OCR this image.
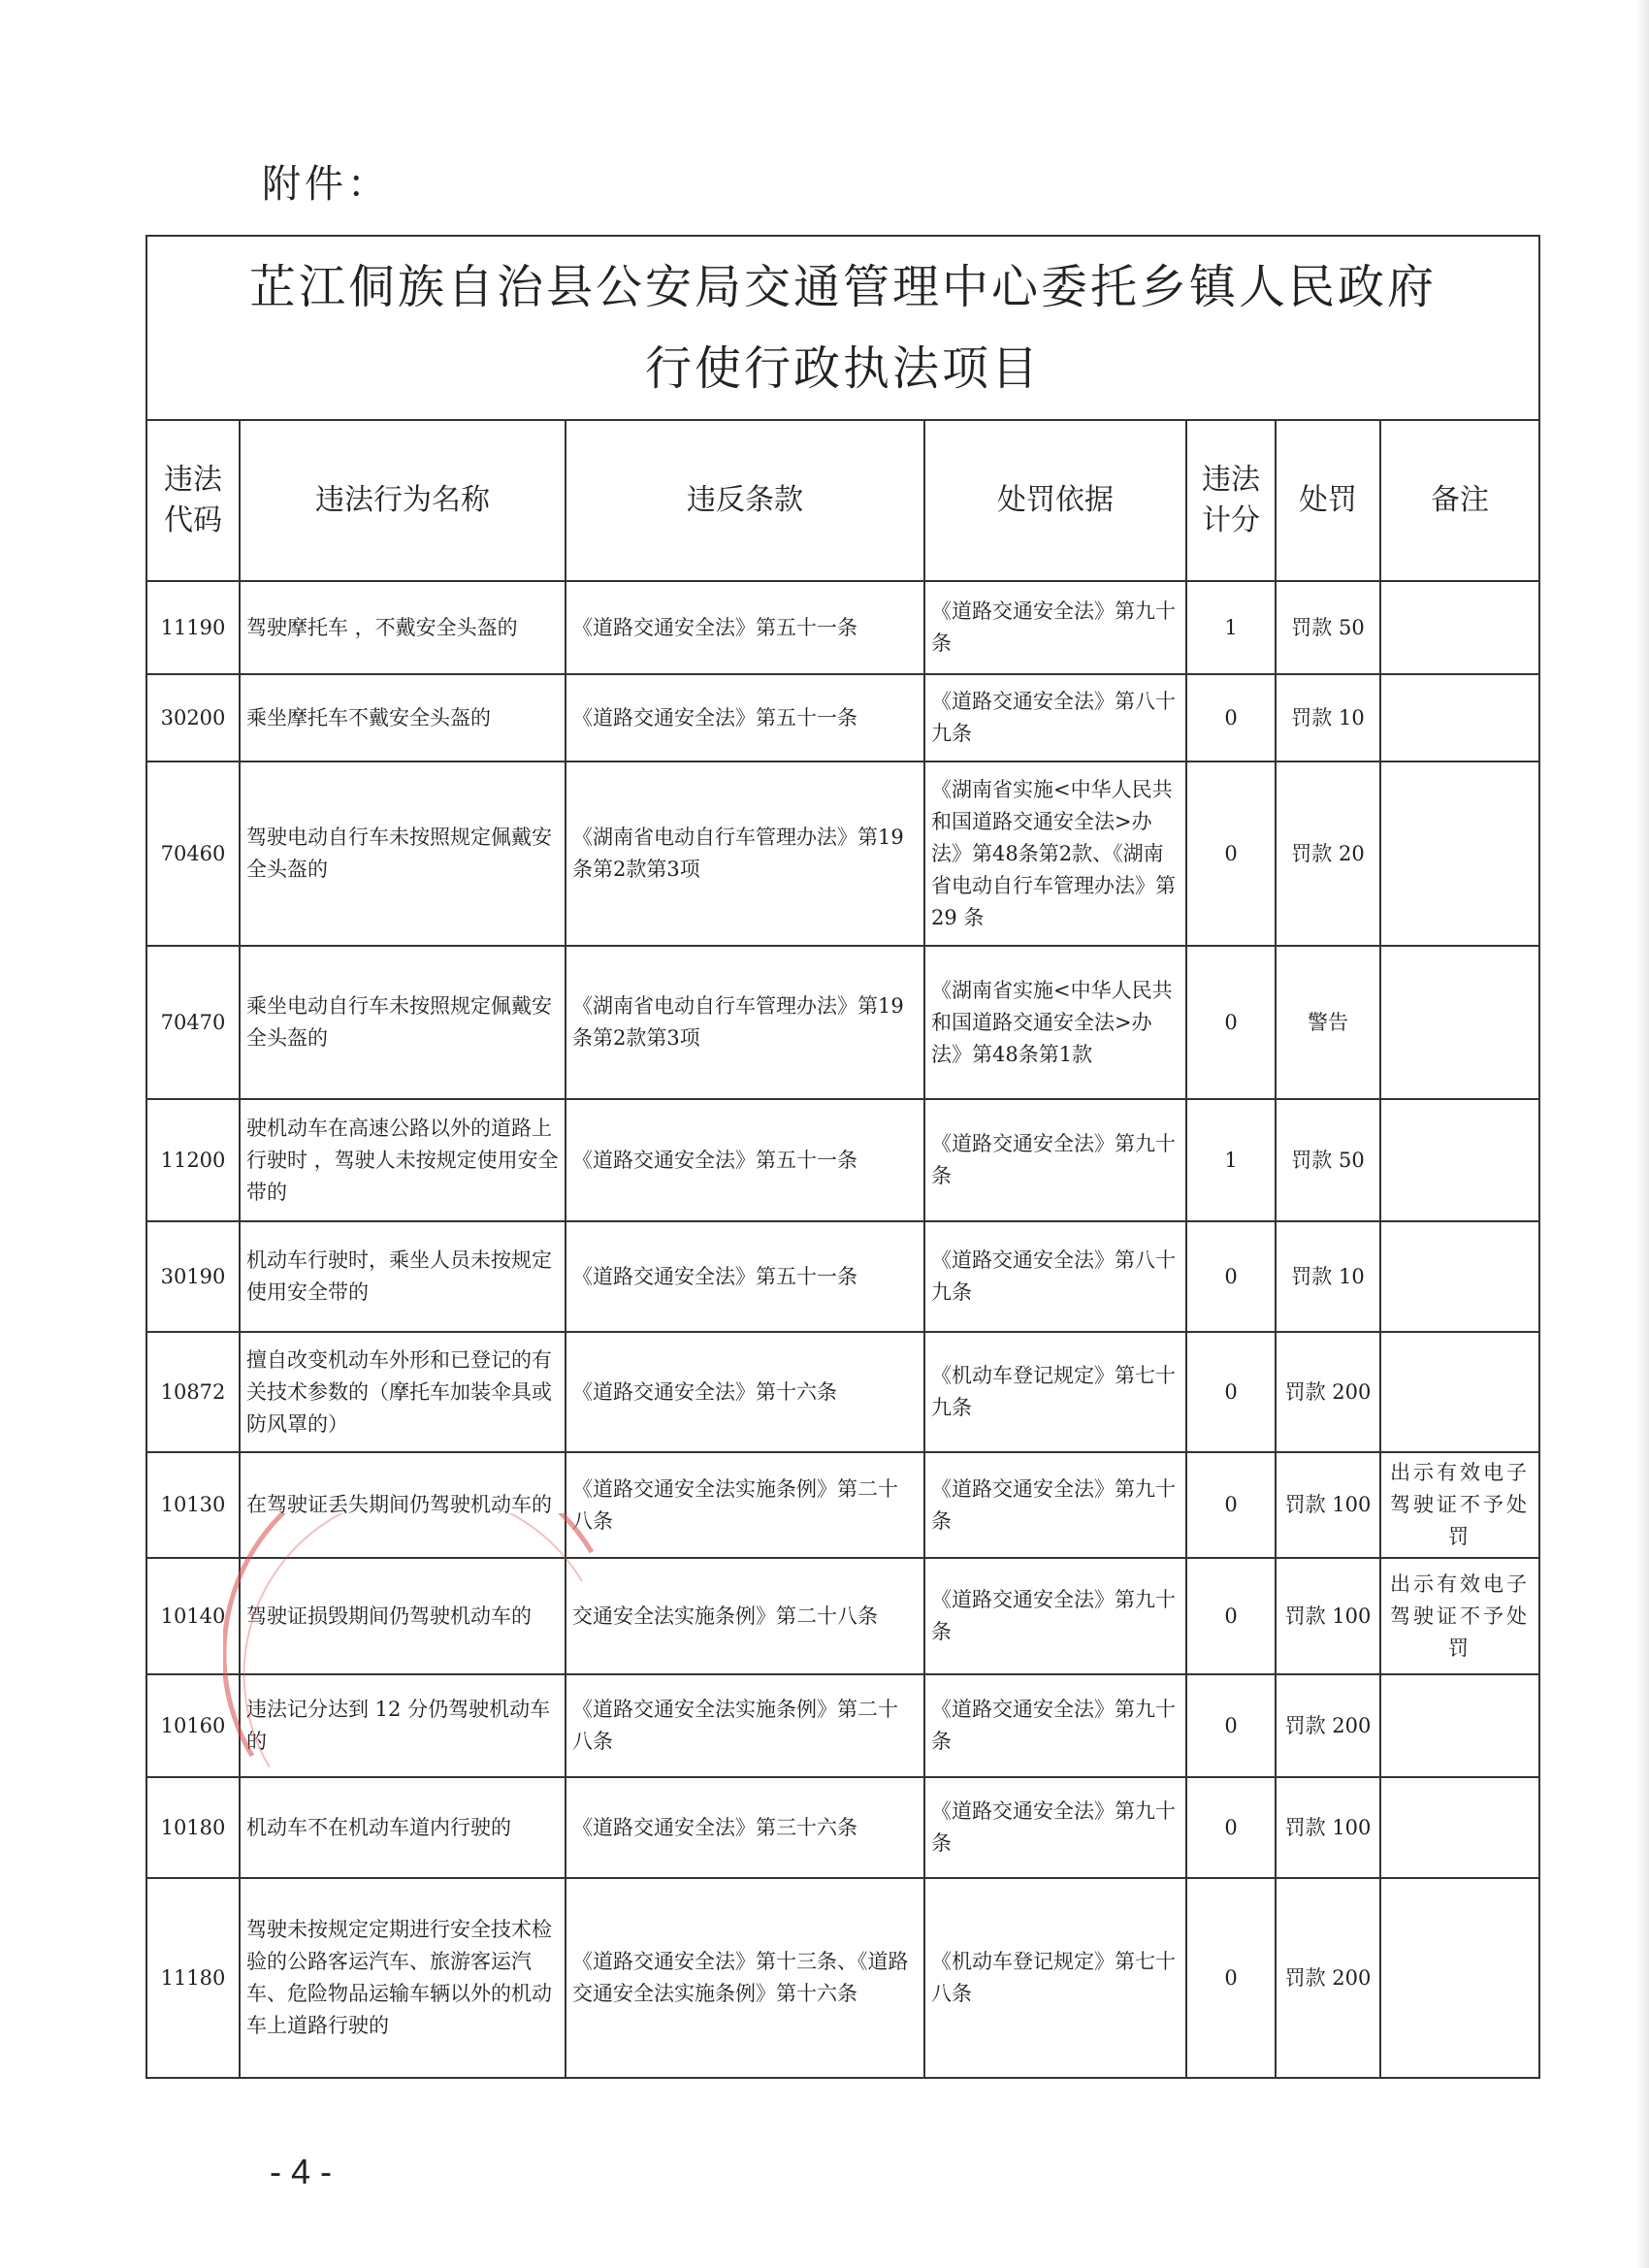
附件：
芷江侗族自治县公安局交通管理中心委托乡镇人民政府
行使行政执法项目						

违法代码	违法行为名称	违反条款	处罚依据	违法计分	处罚	备注
11190	驾驶摩托车 ，不戴安全头盔的	《道路交通安全法》第五十一条	《道路交通安全法》第九十条	1	罚款 50	
30200	乘坐摩托车不戴安全头盔的	《道路交通安全法》第五十一条	《道路交通安全法》第八十九条	0	罚款 10	
70460	驾驶电动自行车未按照规定佩戴安全头盔的	《湖南省电动自行车管理办法》第19条第2款第3项	《湖南省实施<中华人民共和国道路交通安全法>办法》第48条第2款、《湖南省电动自行车管理办法》第29 条	0	罚款 20	
70470	乘坐电动自行车未按照规定佩戴安全头盔的	《湖南省电动自行车管理办法》第19条第2款第3项	《湖南省实施<中华人民共和国道路交通安全法>办法》第48条第1款	0	警告	
11200	驶机动车在高速公路以外的道路上行驶时 ，驾驶人未按规定使用安全带的	《道路交通安全法》第五十一条	《道路交通安全法》第九十条	1	罚款 50	
30190	机动车行驶时，乘坐人员未按规定使用安全带的	《道路交通安全法》第五十一条	《道路交通安全法》第八十九条	0	罚款 10	
10872	擅自改变机动车外形和已登记的有关技术参数的（摩托车加装伞具或防风罩的）	《道路交通安全法》第十六条	《机动车登记规定》第七十九条	0	罚款 200	
10130	在驾驶证丢失期间仍驾驶机动车的	《道路交通安全法实施条例》第二十八条	《道路交通安全法》第九十条	0	罚款 100	出示有效电子驾驶证不予处罚
10140	驾驶证损毁期间仍驾驶机动车的	交通安全法实施条例》第二十八条	《道路交通安全法》第九十条	0	罚款 100	出示有效电子驾驶证不予处罚
10160	违法记分达到 12 分仍驾驶机动车的	《道路交通安全法实施条例》第二十八条	《道路交通安全法》第九十条	0	罚款 200	
10180	机动车不在机动车道内行驶的	《道路交通安全法》第三十六条	《道路交通安全法》第九十条	0	罚款 100	
11180	驾驶未按规定定期进行安全技术检验的公路客运汽车、旅游客运汽车、危险物品运输车辆以外的机动车上道路行驶的	《道路交通安全法》第十三条、《道路交通安全法实施条例》第十六条	《机动车登记规定》第七十八条	0	罚款 200	
- 4 -
